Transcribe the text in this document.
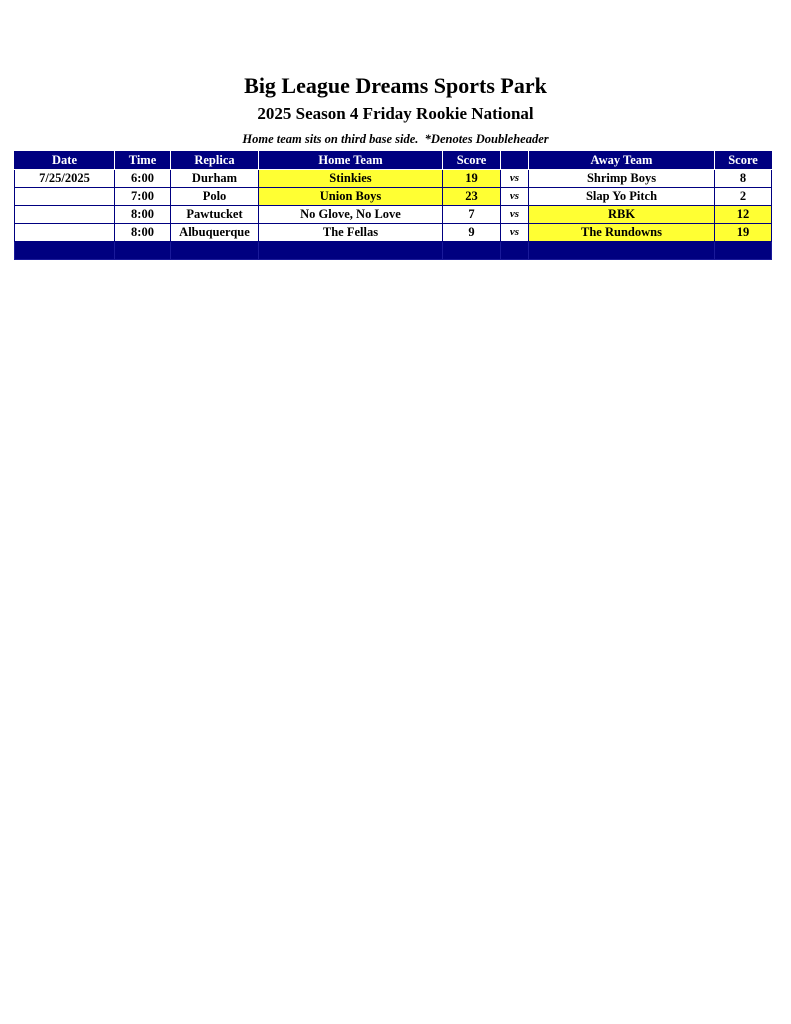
Big League Dreams Sports Park
2025 Season 4 Friday Rookie National
Home team sits on third base side.  *Denotes Doubleheader
Date	Time	Replica	Home Team	Score		Away Team	Score
7/25/2025	6:00	Durham	Stinkies	19	vs	Shrimp Boys	8
	7:00	Polo	Union Boys	23	vs	Slap Yo Pitch	2
	8:00	Pawtucket	No Glove, No Love	7	vs	RBK	12
	8:00	Albuquerque	The Fellas	9	vs	The Rundowns	19
